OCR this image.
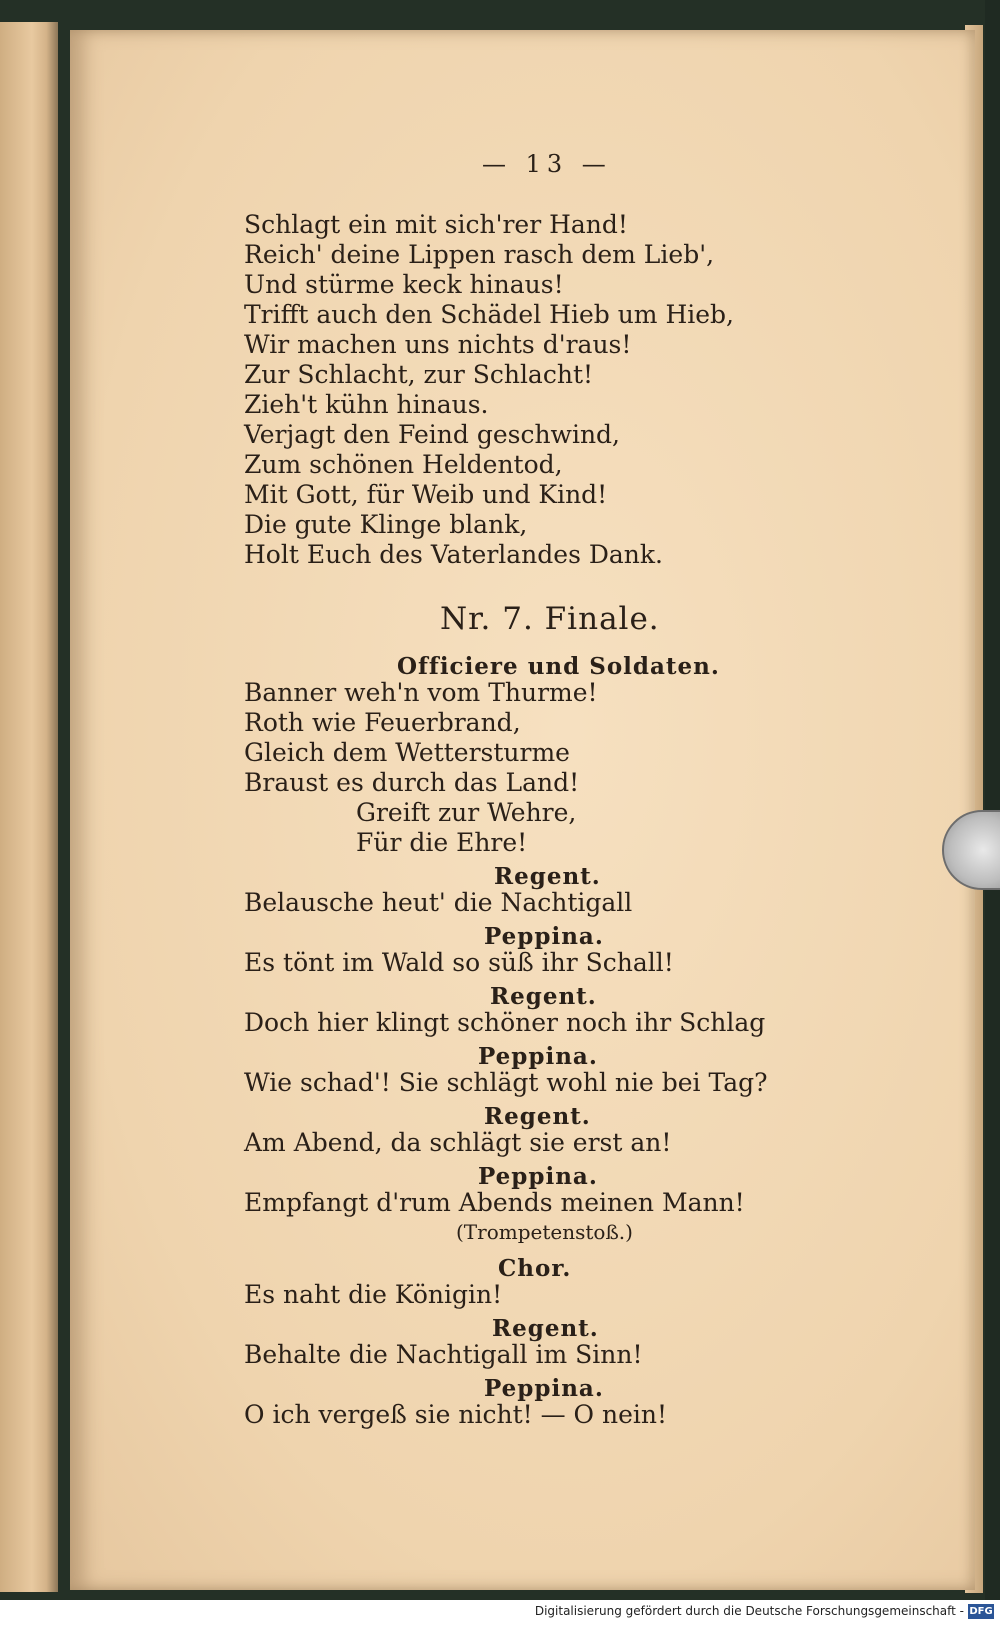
— 13 —
Schlagt ein mit sich'rer Hand!
Reich' deine Lippen rasch dem Lieb',
Und stürme keck hinaus!
Trifft auch den Schädel Hieb um Hieb,
Wir machen uns nichts d'raus!
Zur Schlacht, zur Schlacht!
Zieh't kühn hinaus.
Verjagt den Feind geschwind,
Zum schönen Heldentod,
Mit Gott, für Weib und Kind!
Die gute Klinge blank,
Holt Euch des Vaterlandes Dank.
Nr. 7. Finale.
Officiere und Soldaten.
Banner weh'n vom Thurme!
Roth wie Feuerbrand,
Gleich dem Wettersturme
Braust es durch das Land!
Greift zur Wehre,
Für die Ehre!
Regent.
Belausche heut' die Nachtigall
Peppina.
Es tönt im Wald so süß ihr Schall!
Regent.
Doch hier klingt schöner noch ihr Schlag
Peppina.
Wie schad'! Sie schlägt wohl nie bei Tag?
Regent.
Am Abend, da schlägt sie erst an!
Peppina.
Empfangt d'rum Abends meinen Mann!
(Trompetenstoß.)
Chor.
Es naht die Königin!
Regent.
Behalte die Nachtigall im Sinn!
Peppina.
O ich vergeß sie nicht! — O nein!
Digitalisierung gefördert durch die Deutsche Forschungsgemeinschaft - DFG
